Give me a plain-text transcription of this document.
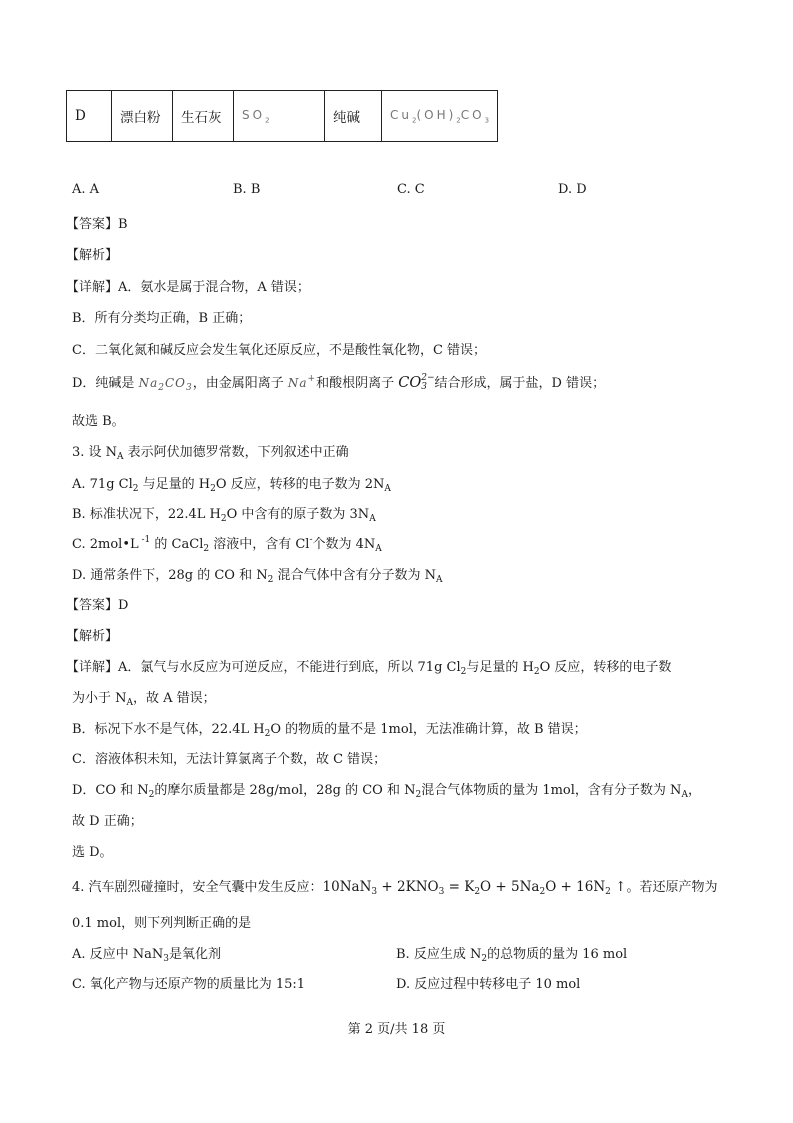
D	漂白粉	生石灰	$SO_2$	纯碱	$Cu_2(OH)_2CO_3$
A. A	B. B	C. C	D. D
【答案】B
【解析】
【详解】A．氨水是属于混合物，A 错误；
B．所有分类均正确，B 正确；
C．二氧化氮和碱反应会发生氧化还原反应，不是酸性氧化物，C 错误；
D．纯碱是 $Na_2CO_3$，由金属阳离子 Na+和酸根阴离子 CO 2−
3 结合形成，属于盐，D 错误；
故选 B。
3. 设 $N_A$ 表示阿伏加德罗常数，下列叙述中正确
A. 71g $Cl_2$ 与足量的 $H_2O$ 反应，转移的电子数为 $2N_A$
B. 标准状况下，22.4L $H_2O$ 中含有的原子数为 $3N_A$
C. 2mol•L $^{-1}$ 的 CaCl$_2$ 溶液中，含有 Cl-个数为 $4N_A$
D. 通常条件下，28g 的 CO 和 $N_2$ 混合气体中含有分子数为 $N_A$
【答案】D
【解析】
【详解】A．氯气与水反应为可逆反应，不能进行到底，所以 71g $Cl_2$与足量的 $H_2O$ 反应，转移的电子数
为小于 $N_A$，故 A 错误；
B．标况下水不是气体，22.4L $H_2O$ 的物质的量不是 1mol，无法准确计算，故 B 错误；
C．溶液体积未知，无法计算氯离子个数，故 C 错误；
D．CO 和 $N_2$的摩尔质量都是 28g/mol，28g 的 CO 和 $N_2$混合气体物质的量为 1mol，含有分子数为 $N_A$，
故 D 正确；
选 D。
4. 汽车剧烈碰撞时，安全气囊中发生反应：$10NaN_3 + 2KNO_3 = K_2O + 5Na_2O + 16N_2$ ↑。若还原产物为
0.1 mol，则下列判断正确的是
A. 反应中 NaN$_3$是氧化剂	B. 反应生成 $N_2$的总物质的量为 16 mol
C. 氧化产物与还原产物的质量比为 15:1	D. 反应过程中转移电子 10 mol
第 2 页/共 18 页
